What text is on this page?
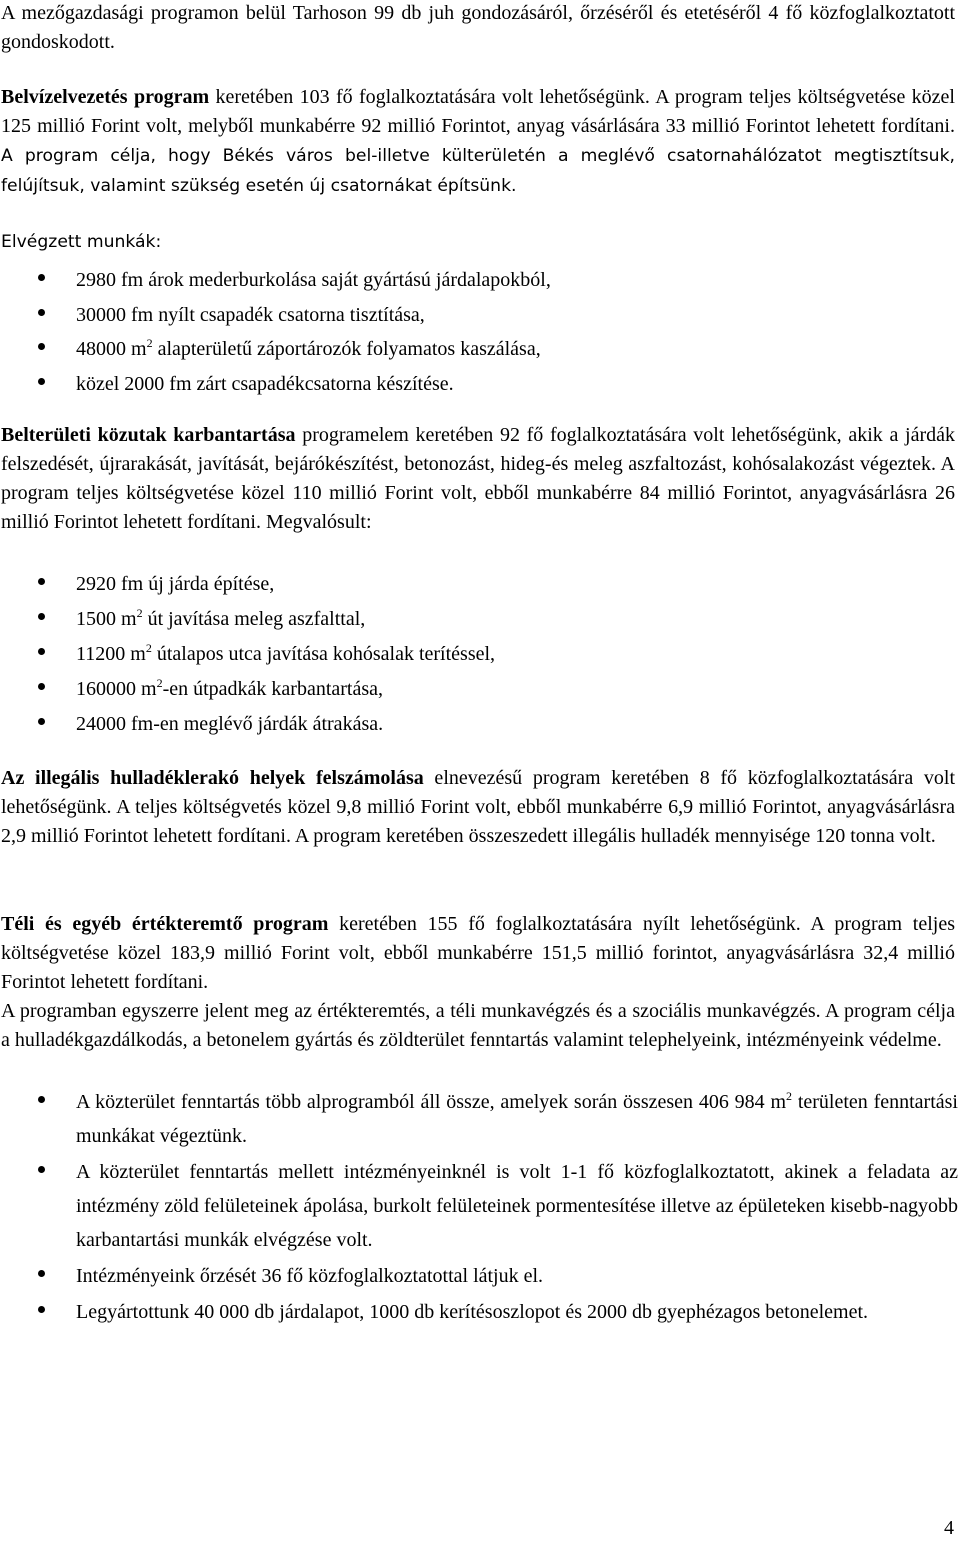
A mezőgazdasági programon belül Tarhoson 99 db juh gondozásáról, őrzéséről és etetéséről 4 fő közfoglalkoztatott gondoskodott.

Belvízelvezetés program keretében 103 fő foglalkoztatására volt lehetőségünk. A program teljes költségvetése közel 125 millió Forint volt, melyből munkabérre 92 millió Forintot, anyag vásárlására 33 millió Forintot lehetett fordítani. A program célja, hogy Békés város bel-illetve külterületén a meglévő csatornahálózatot megtisztítsuk, felújítsuk, valamint szükség esetén új csatornákat építsünk.

Elvégzett munkák:

2980 fm árok mederburkolása saját gyártású járdalapokból,
30000 fm nyílt csapadék csatorna tisztítása,
48000 $m^2$ alapterületű záportározók folyamatos kaszálása,
közel 2000 fm zárt csapadékcsatorna készítése.

Belterületi közutak karbantartása programelem keretében 92 fő foglalkoztatására volt lehetőségünk, akik a járdák felszedését, újrarakását, javítását, bejárókészítést, betonozást, hideg-és meleg aszfaltozást, kohósalakozást végeztek. A program teljes költségvetése közel 110 millió Forint volt, ebből munkabérre 84 millió Forintot, anyagvásárlásra 26 millió Forintot lehetett fordítani. Megvalósult:

2920 fm új járda építése,
1500 $m^2$ út javítása meleg aszfalttal,
11200 $m^2$ útalapos utca javítása kohósalak terítéssel,
160000 $m^2-en$ útpadkák karbantartása,
24000 fm-en meglévő járdák átrakása.

Az illegális hulladéklerakó helyek felszámolása elnevezésű program keretében 8 fő közfoglalkoztatására volt lehetőségünk. A teljes költségvetés közel 9,8 millió Forint volt, ebből munkabérre 6,9 millió Forintot, anyagvásárlásra 2,9 millió Forintot lehetett fordítani. A program keretében összeszedett illegális hulladék mennyisége 120 tonna volt.

Téli és egyéb értékteremtő program keretében 155 fő foglalkoztatására nyílt lehetőségünk. A program teljes költségvetése közel 183,9 millió Forint volt, ebből munkabérre 151,5 millió forintot, anyagvásárlásra 32,4 millió Forintot lehetett fordítani.

A programban egyszerre jelent meg az értékteremtés, a téli munkavégzés és a szociális munkavégzés. A program célja a hulladékgazdálkodás, a betonelem gyártás és zöldterület fenntartás valamint telephelyeink, intézményeink védelme.

A közterület fenntartás több alprogramból áll össze, amelyek során összesen 406 984 $m^2$ területen fenntartási munkákat végeztünk.
A közterület fenntartás mellett intézményeinknél is volt 1-1 fő közfoglalkoztatott, akinek a feladata az intézmény zöld felületeinek ápolása, burkolt felületeinek pormentesítése illetve az épületeken kisebb-nagyobb karbantartási munkák elvégzése volt.
Intézményeink őrzését 36 fő közfoglalkoztatottal látjuk el.
Legyártottunk 40 000 db járdalapot, 1000 db kerítésoszlopot és 2000 db gyephézagos betonelemet.
4
